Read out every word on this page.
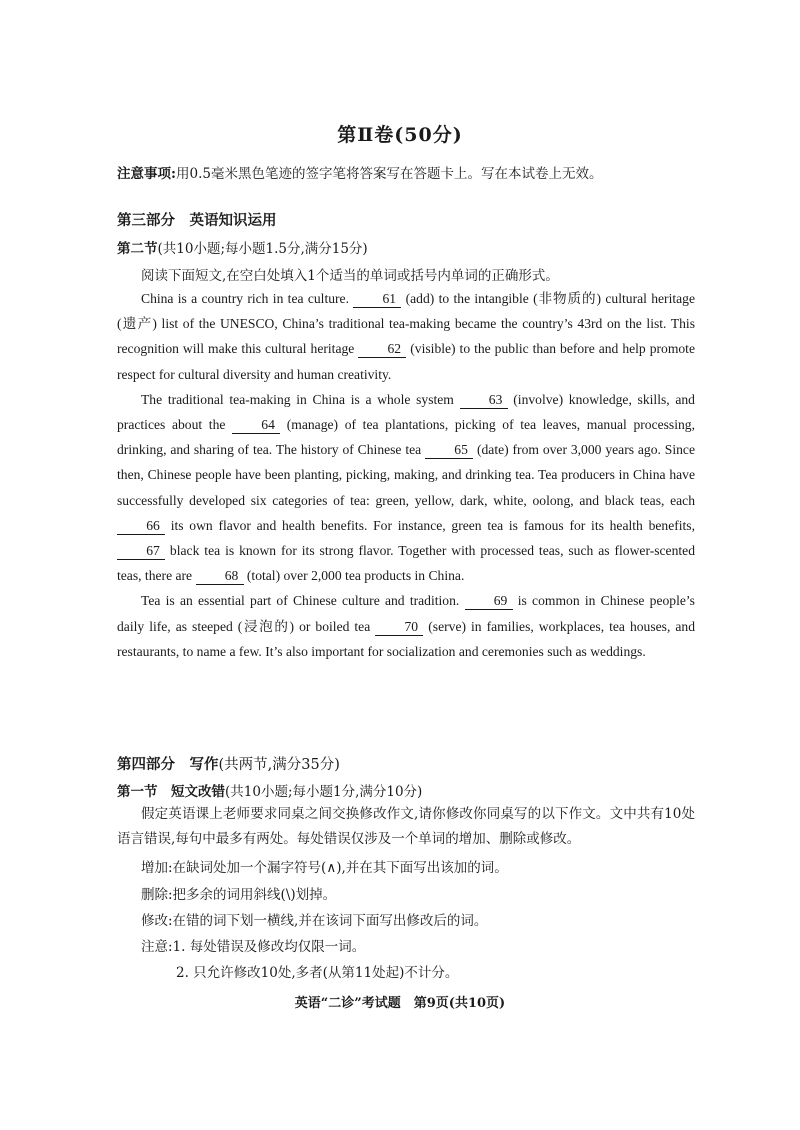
第Ⅱ卷(50分)
注意事项:用0.5毫米黑色笔迹的签字笔将答案写在答题卡上。写在本试卷上无效。
第三部分　英语知识运用
第二节(共10小题;每小题1.5分,满分15分)
阅读下面短文,在空白处填入1个适当的单词或括号内单词的正确形式。

China is a country rich in tea culture. 61 (add) to the intangible (非物质的) cultural heritage (遗产) list of the UNESCO, China’s traditional tea-making became the country’s 43rd on the list. This recognition will make this cultural heritage 62 (visible) to the public than before and help promote respect for cultural diversity and human creativity.

The traditional tea-making in China is a whole system 63 (involve) knowledge, skills, and practices about the 64 (manage) of tea plantations, picking of tea leaves, manual processing, drinking, and sharing of tea. The history of Chinese tea 65 (date) from over 3,000 years ago. Since then, Chinese people have been planting, picking, making, and drinking tea. Tea producers in China have successfully developed six categories of tea: green, yellow, dark, white, oolong, and black teas, each 66 its own flavor and health benefits. For instance, green tea is famous for its health benefits, 67 black tea is known for its strong flavor. Together with processed teas, such as flower-scented teas, there are 68 (total) over 2,000 tea products in China.

Tea is an essential part of Chinese culture and tradition. 69 is common in Chinese people’s daily life, as steeped (浸泡的) or boiled tea 70 (serve) in families, workplaces, tea houses, and restaurants, to name a few. It’s also important for socialization and ceremonies such as weddings.

第四部分　写作(共两节,满分35分)
第一节　短文改错(共10小题;每小题1分,满分10分)
假定英语课上老师要求同桌之间交换修改作文,请你修改你同桌写的以下作文。文中共有10处语言错误,每句中最多有两处。每处错误仅涉及一个单词的增加、删除或修改。
增加:在缺词处加一个漏字符号(∧),并在其下面写出该加的词。
删除:把多余的词用斜线(\)划掉。
修改:在错的词下划一横线,并在该词下面写出修改后的词。
注意:1. 每处错误及修改均仅限一词。
2. 只允许修改10处,多者(从第11处起)不计分。
英语“二诊”考试题　第9页(共10页)
